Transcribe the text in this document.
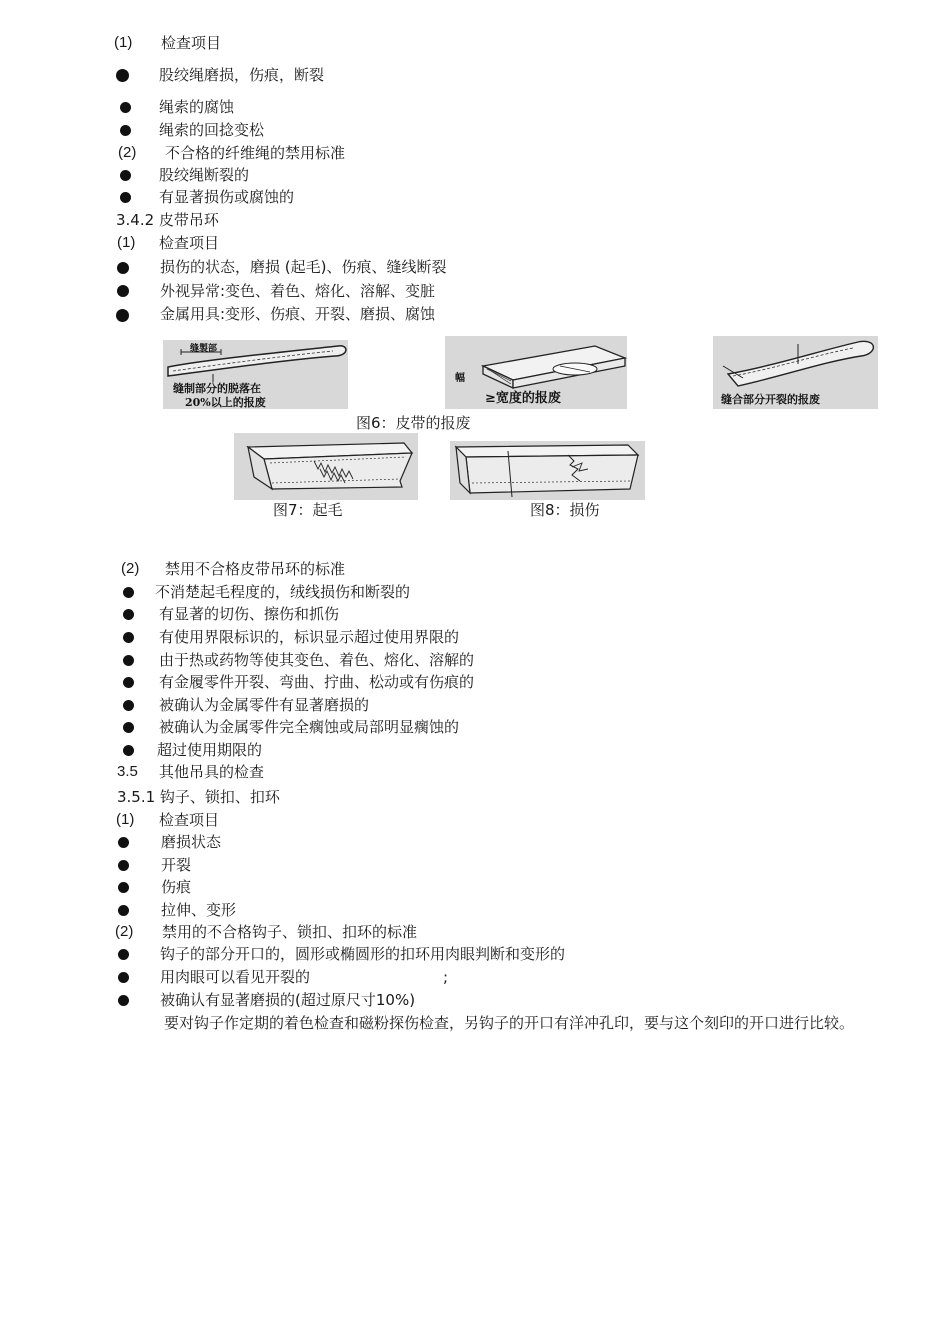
(1) 检查项目
股绞绳磨损，伤痕，断裂
绳索的腐蚀
绳索的回捻变松
(2) 不合格的纤维绳的禁用标准
股绞绳断裂的
有显著损伤或腐蚀的
3.4.2 皮带吊环
(1) 检查项目
损伤的状态，磨损 (起毛)、伤痕、缝线断裂
外视异常:变色、着色、熔化、溶解、变脏
金属用具:变形、伤痕、开裂、磨损、腐蚀
缝製部
缝制部分的脱落在
20%以上的报废
幅
≥宽度的报废	缝合部分开裂的报废
图6：皮带的报废
图7：起毛	图8：损伤
(2) 禁用不合格皮带吊环的标准
不消楚起毛程度的，绒线损伤和断裂的
有显著的切伤、擦伤和抓伤
有使用界限标识的，标识显示超过使用界限的
由于热或药物等使其变色、着色、熔化、溶解的
有金履零件开裂、弯曲、拧曲、松动或有伤痕的
被确认为金属零件有显著磨损的
被确认为金属零件完全瘸蚀或局部明显瘸蚀的
超过使用期限的
3.5 其他吊具的检查
3.5.1 钩子、锁扣、扣环
(1) 检查项目
磨损状态
开裂
伤痕
拉伸、变形
(2) 禁用的不合格钩子、锁扣、扣环的标准
钩子的部分开口的，圆形或椭圆形的扣环用肉眼判断和变形的
用肉眼可以看见开裂的	;
被确认有显著磨损的(超过原尺寸10%)
要对钩子作定期的着色检查和磁粉探伤检查，另钩子的开口有洋冲孔印，要与这个刻印的开口进行比较。
